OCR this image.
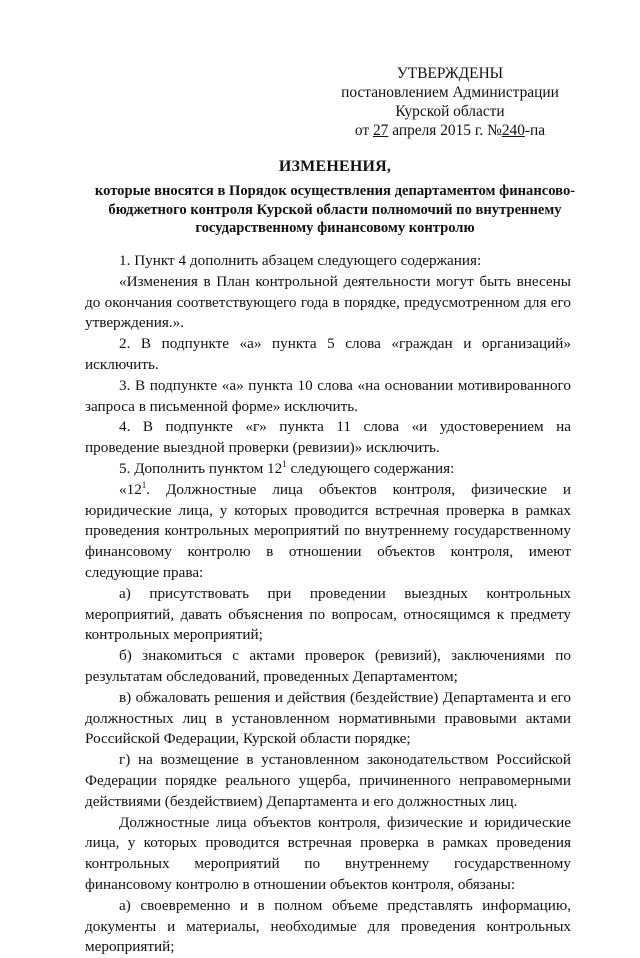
УТВЕРЖДЕНЫ
постановлением Администрации
Курской области
от 27 апреля 2015 г. №240-па
ИЗМЕНЕНИЯ,
которые вносятся в Порядок осуществления департаментом финансово-бюджетного контроля Курской области полномочий по внутреннему государственному финансовому контролю

1. Пункт 4 дополнить абзацем следующего содержания:

«Изменения в План контрольной деятельности могут быть внесены до окончания соответствующего года в порядке, предусмотренном для его утверждения.».

2. В подпункте «а» пункта 5 слова «граждан и организаций» исключить.

3. В подпункте «а» пункта 10 слова «на основании мотивированного запроса в письменной форме» исключить.

4. В подпункте «г» пункта 11 слова «и удостоверением на проведение выездной проверки (ревизии)» исключить.

5. Дополнить пунктом $12^1$ следующего содержания:

«$12^1$. Должностные лица объектов контроля, физические и юридические лица, у которых проводится встречная проверка в рамках проведения контрольных мероприятий по внутреннему государственному финансовому контролю в отношении объектов контроля, имеют следующие права:

а) присутствовать при проведении выездных контрольных мероприятий, давать объяснения по вопросам, относящимся к предмету контрольных мероприятий;

б) знакомиться с актами проверок (ревизий), заключениями по результатам обследований, проведенных Департаментом;

в) обжаловать решения и действия (бездействие) Департамента и его должностных лиц в установленном нормативными правовыми актами Российской Федерации, Курской области порядке;

г) на возмещение в установленном законодательством Российской Федерации порядке реального ущерба, причиненного неправомерными действиями (бездействием) Департамента и его должностных лиц.

Должностные лица объектов контроля, физические и юридические лица, у которых проводится встречная проверка в рамках проведения контрольных мероприятий по внутреннему государственному финансовому контролю в отношении объектов контроля, обязаны:

а) своевременно и в полном объеме представлять информацию, документы и материалы, необходимые для проведения контрольных мероприятий;
